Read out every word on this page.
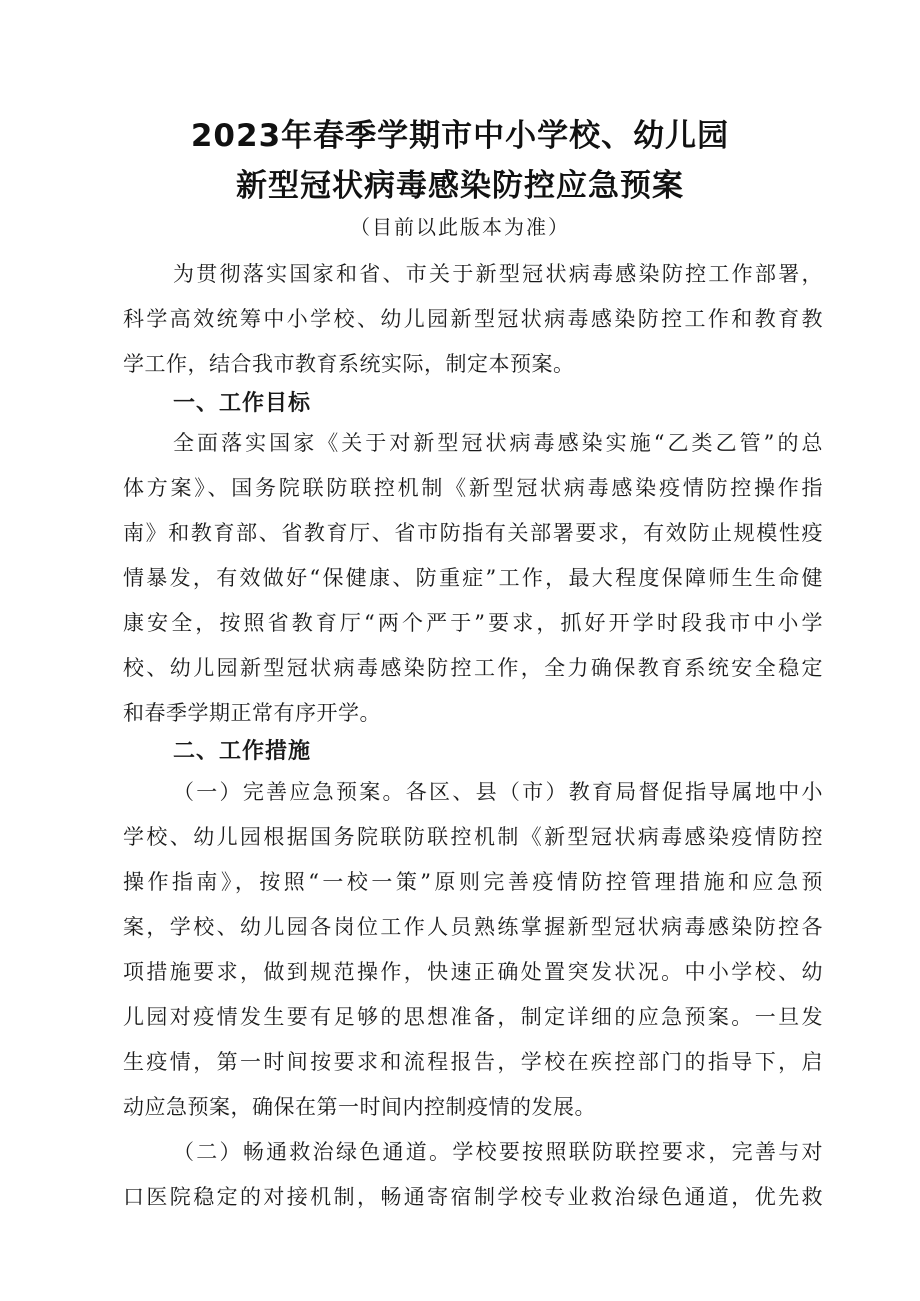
2023年春季学期市中小学校、幼儿园
新型冠状病毒感染防控应急预案
（目前以此版本为准）
为贯彻落实国家和省、市关于新型冠状病毒感染防控工作部署，
科学高效统筹中小学校、幼儿园新型冠状病毒感染防控工作和教育教
学工作，结合我市教育系统实际，制定本预案。
一、工作目标
全面落实国家《关于对新型冠状病毒感染实施“乙类乙管”的总
体方案》、国务院联防联控机制《新型冠状病毒感染疫情防控操作指
南》和教育部、省教育厅、省市防指有关部署要求，有效防止规模性疫
情暴发，有效做好“保健康、防重症”工作，最大程度保障师生生命健
康安全，按照省教育厅“两个严于”要求，抓好开学时段我市中小学
校、幼儿园新型冠状病毒感染防控工作，全力确保教育系统安全稳定
和春季学期正常有序开学。
二、工作措施
（一）完善应急预案。各区、县（市）教育局督促指导属地中小
学校、幼儿园根据国务院联防联控机制《新型冠状病毒感染疫情防控
操作指南》，按照“一校一策”原则完善疫情防控管理措施和应急预
案，学校、幼儿园各岗位工作人员熟练掌握新型冠状病毒感染防控各
项措施要求，做到规范操作，快速正确处置突发状况。中小学校、幼
儿园对疫情发生要有足够的思想准备，制定详细的应急预案。一旦发
生疫情，第一时间按要求和流程报告，学校在疾控部门的指导下，启
动应急预案，确保在第一时间内控制疫情的发展。
（二）畅通救治绿色通道。学校要按照联防联控要求，完善与对
口医院稳定的对接机制，畅通寄宿制学校专业救治绿色通道，优先救
